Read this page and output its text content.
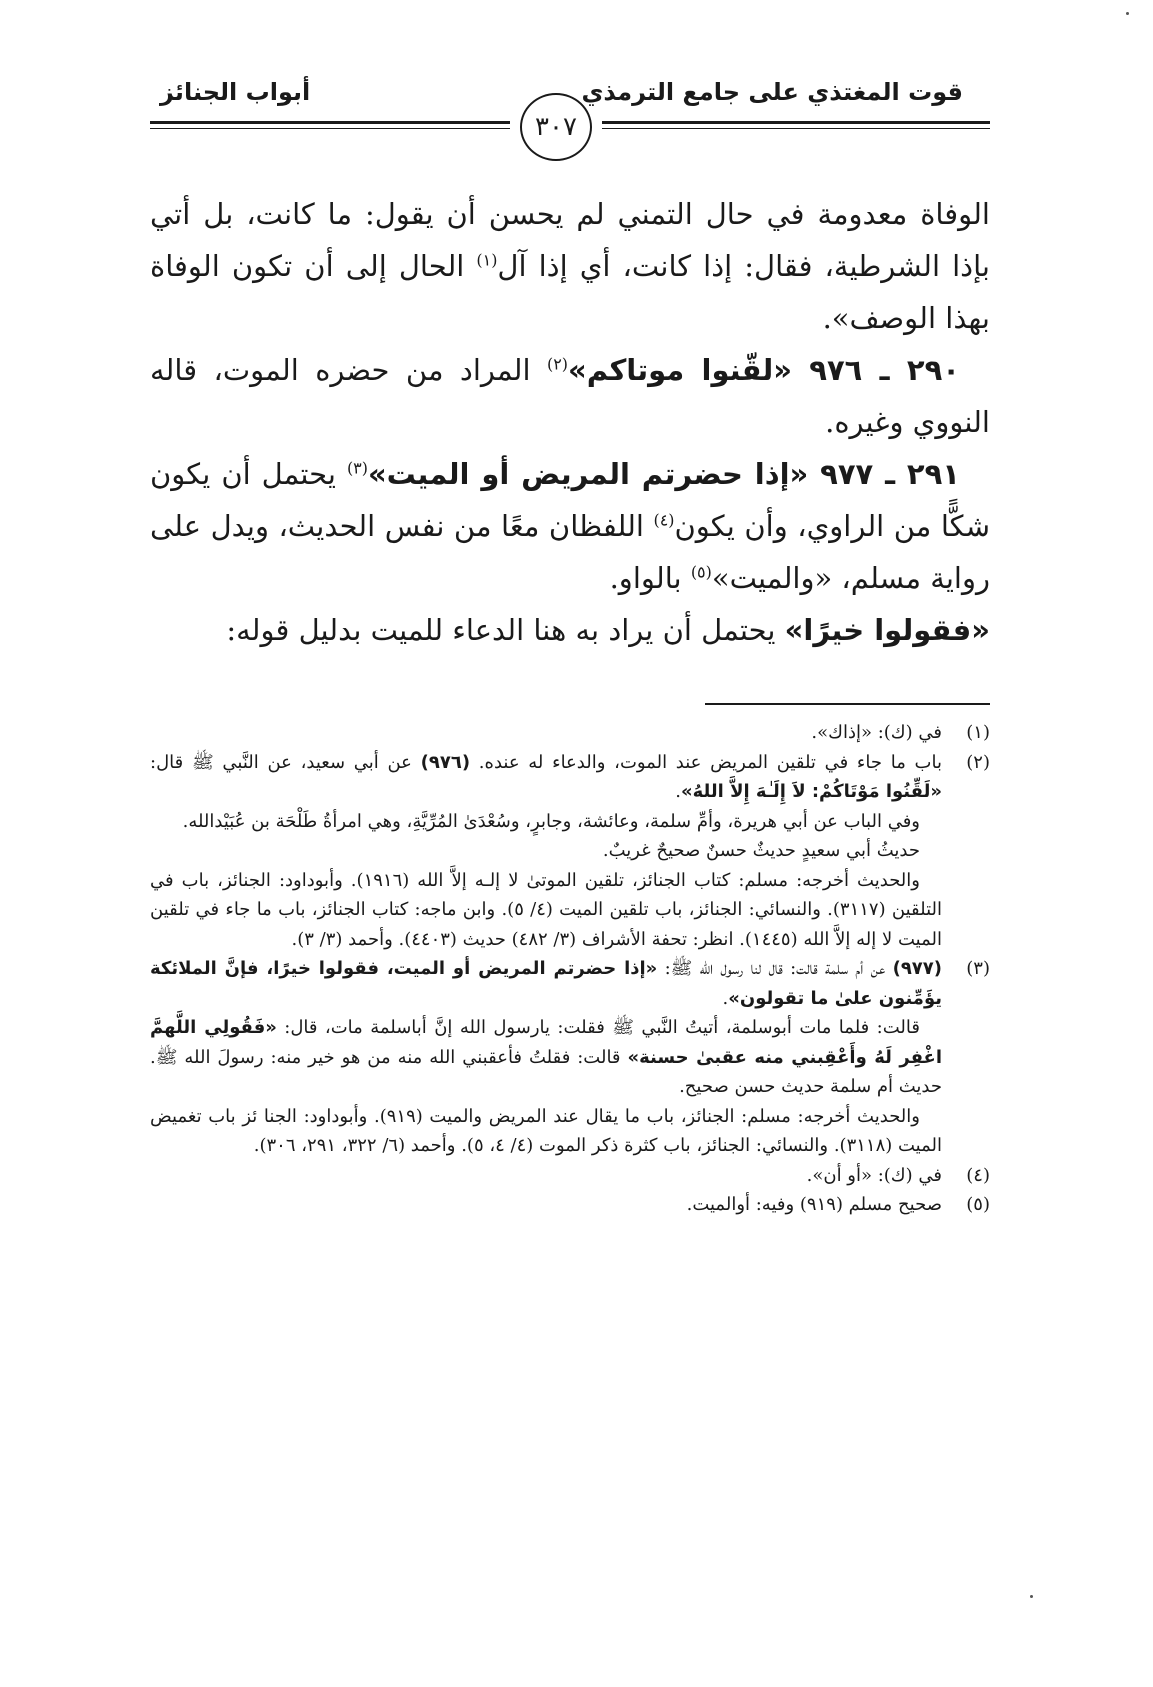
قوت المغتذي على جامع الترمذي
أبواب الجنائز
٣٠٧

الوفاة معدومة في حال التمني لم يحسن أن يقول: ما كانت، بل أتي بإذا الشرطية، فقال: إذا كانت، أي إذا آل$^{(١)}$ الحال إلى أن تكون الوفاة بهذا الوصف».

٢٩٠ ـ ٩٧٦ «لقّنوا موتاكم»$^{(٢)}$ المراد من حضره الموت، قاله النووي وغيره.

٢٩١ ـ ٩٧٧ «إذا حضرتم المريض أو الميت»$^{(٣)}$ يحتمل أن يكون شكًّا من الراوي، وأن يكون$^{(٤)}$ اللفظان معًا من نفس الحديث، ويدل على رواية مسلم، «والميت»$^{(٥)}$ بالواو.

«فقولوا خيرًا» يحتمل أن يراد به هنا الدعاء للميت بدليل قوله:

(١)

في (ك): «إذاك».

(٢)

باب ما جاء في تلقين المريض عند الموت، والدعاء له عنده. (٩٧٦) عن أبي سعيد، عن النَّبي ﷺ قال: «لَقِّنُوا مَوْتَاكُمْ: لاَ إِلَـٰهَ إِلاَّ اللهُ».

وفي الباب عن أبي هريرة، وأمِّ سلمة، وعائشة، وجابرٍ، وسُعْدَىٰ المُرِّيَّةِ، وهي امرأةُ طَلْحَة بن عُبَيْدالله.

حديثُ أبي سعيدٍ حديثٌ حسنٌ صحيحٌ غريبٌ.

والحديث أخرجه: مسلم: كتاب الجنائز، تلقين الموتىٰ لا إلـه إلاَّ الله (١٩١٦). وأبوداود: الجنائز، باب في التلقين (٣١١٧). والنسائي: الجنائز، باب تلقين الميت (٤/ ٥). وابن ماجه: كتاب الجنائز، باب ما جاء في تلقين الميت لا إله إلاَّ الله (١٤٤٥). انظر: تحفة الأشراف (٣/ ٤٨٢) حديث (٤٤٠٣). وأحمد (٣/ ٣).

(٣)

(٩٧٧) عن أم سلمة قالت: قال لنا رسول الله ﷺ: «إذا حضرتم المريض أو الميت، فقولوا خيرًا، فإنَّ الملائكة يؤَمِّنون علىٰ ما تقولون».

قالت: فلما مات أبوسلمة، أتيتُ النَّبي ﷺ فقلت: يارسول الله إنَّ أباسلمة مات، قال: «فَقُولِي اللَّهمَّ اغْفِر لَهُ وأَعْقِبني منه عقبىٰ حسنة» قالت: فقلتُ فأعقبني الله منه من هو خير منه: رسولَ الله ﷺ. حديث أم سلمة حديث حسن صحيح.

والحديث أخرجه: مسلم: الجنائز، باب ما يقال عند المريض والميت (٩١٩). وأبوداود: الجنا ئز باب تغميض الميت (٣١١٨). والنسائي: الجنائز، باب كثرة ذكر الموت (٤/ ٤، ٥). وأحمد (٦/ ٣٢٢، ٢٩١، ٣٠٦).

(٤)

في (ك): «أو أن».

(٥)

صحيح مسلم (٩١٩) وفيه: أوالميت.
